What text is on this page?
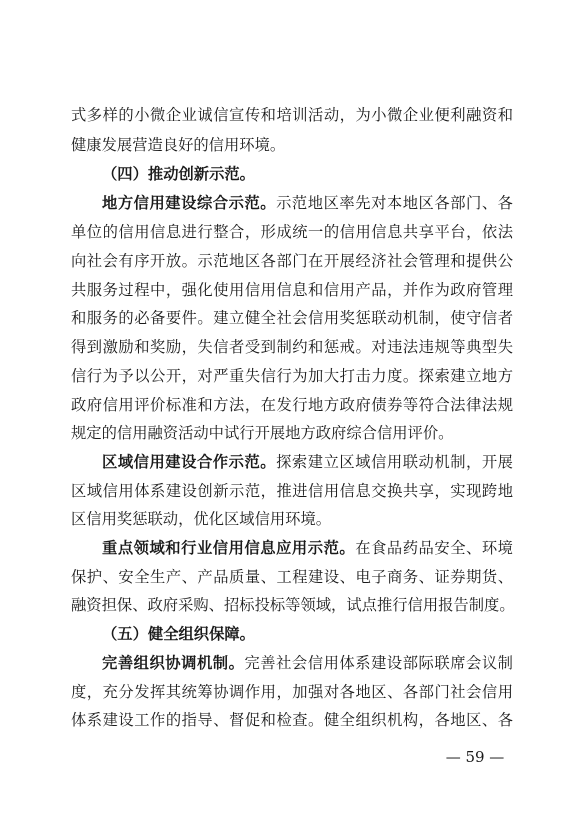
式多样的小微企业诚信宣传和培训活动，为小微企业便利融资和
健康发展营造良好的信用环境。
（四）推动创新示范。
地方信用建设综合示范。示范地区率先对本地区各部门、各
单位的信用信息进行整合，形成统一的信用信息共享平台，依法
向社会有序开放。示范地区各部门在开展经济社会管理和提供公
共服务过程中，强化使用信用信息和信用产品，并作为政府管理
和服务的必备要件。建立健全社会信用奖惩联动机制，使守信者
得到激励和奖励，失信者受到制约和惩戒。对违法违规等典型失
信行为予以公开，对严重失信行为加大打击力度。探索建立地方
政府信用评价标准和方法，在发行地方政府债券等符合法律法规
规定的信用融资活动中试行开展地方政府综合信用评价。
区域信用建设合作示范。探索建立区域信用联动机制，开展
区域信用体系建设创新示范，推进信用信息交换共享，实现跨地
区信用奖惩联动，优化区域信用环境。
重点领域和行业信用信息应用示范。在食品药品安全、环境
保护、安全生产、产品质量、工程建设、电子商务、证券期货、
融资担保、政府采购、招标投标等领域，试点推行信用报告制度。
（五）健全组织保障。
完善组织协调机制。完善社会信用体系建设部际联席会议制
度，充分发挥其统筹协调作用，加强对各地区、各部门社会信用
体系建设工作的指导、督促和检查。健全组织机构，各地区、各
— 59 —
